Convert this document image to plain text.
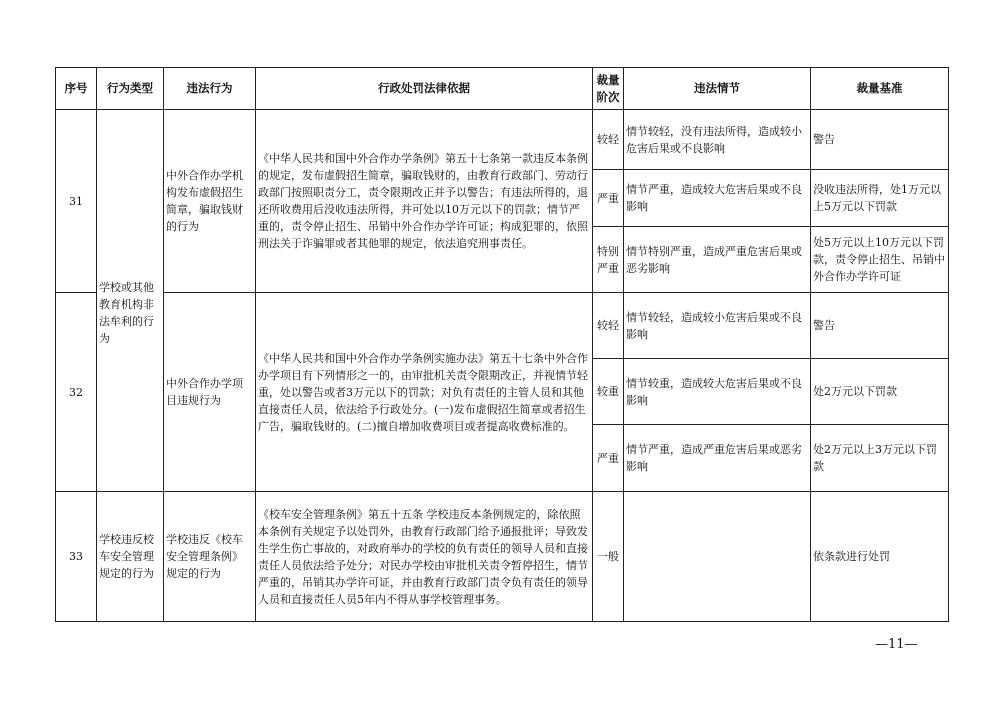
序号	行为类型	违法行为	行政处罚法律依据	裁量阶次	违法情节	裁量基准
31	学校或其他教育机构非法牟利的行为	中外合作办学机构发布虚假招生简章，骗取钱财的行为	《中华人民共和国中外合作办学条例》第五十七条第一款违反本条例的规定，发布虚假招生简章，骗取钱财的，由教育行政部门、劳动行政部门按照职责分工，责令限期改正并予以警告；有违法所得的，退还所收费用后没收违法所得，并可处以10万元以下的罚款；情节严重的，责令停止招生、吊销中外合作办学许可证；构成犯罪的，依照刑法关于诈骗罪或者其他罪的规定，依法追究刑事责任。	较轻	情节较轻，没有违法所得，造成较小危害后果或不良影响	警告
				严重	情节严重，造成较大危害后果或不良影响	没收违法所得，处1万元以上5万元以下罚款
				特别严重	情节特别严重，造成严重危害后果或恶劣影响	处5万元以上10万元以下罚款，责令停止招生、吊销中外合作办学许可证
32		中外合作办学项目违规行为	《中华人民共和国中外合作办学条例实施办法》第五十七条中外合作办学项目有下列情形之一的，由审批机关责令限期改正，并视情节轻重，处以警告或者3万元以下的罚款；对负有责任的主管人员和其他直接责任人员，依法给予行政处分。(一)发布虚假招生简章或者招生广告，骗取钱财的。(二)擅自增加收费项目或者提高收费标准的。	较轻	情节较轻，造成较小危害后果或不良影响	警告
				较重	情节较重，造成较大危害后果或不良影响	处2万元以下罚款
				严重	情节严重，造成严重危害后果或恶劣影响	处2万元以上3万元以下罚款
33	学校违反校车安全管理规定的行为	学校违反《校车安全管理条例》规定的行为	《校车安全管理条例》第五十五条 学校违反本条例规定的，除依照本条例有关规定予以处罚外，由教育行政部门给予通报批评；导致发生学生伤亡事故的，对政府举办的学校的负有责任的领导人员和直接责任人员依法给予处分；对民办学校由审批机关责令暂停招生，情节严重的，吊销其办学许可证，并由教育行政部门责令负有责任的领导人员和直接责任人员5年内不得从事学校管理事务。	一般		依条款进行处罚
—11—
